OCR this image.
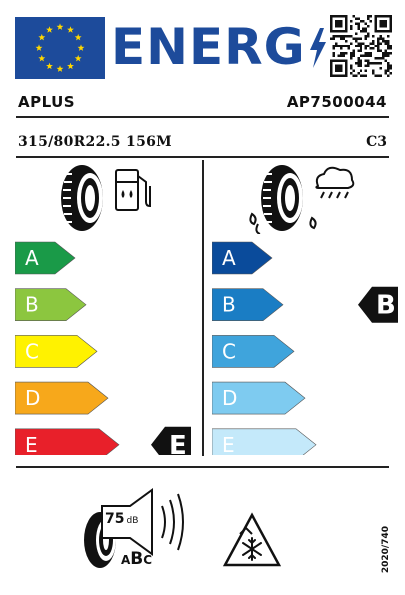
ENERG
APLUS	AP7500044
315/80R22.5 156M	C3
A
B
C
D
E	E
A
B	B
C
D
E
75 dB
ABC	2020/740
